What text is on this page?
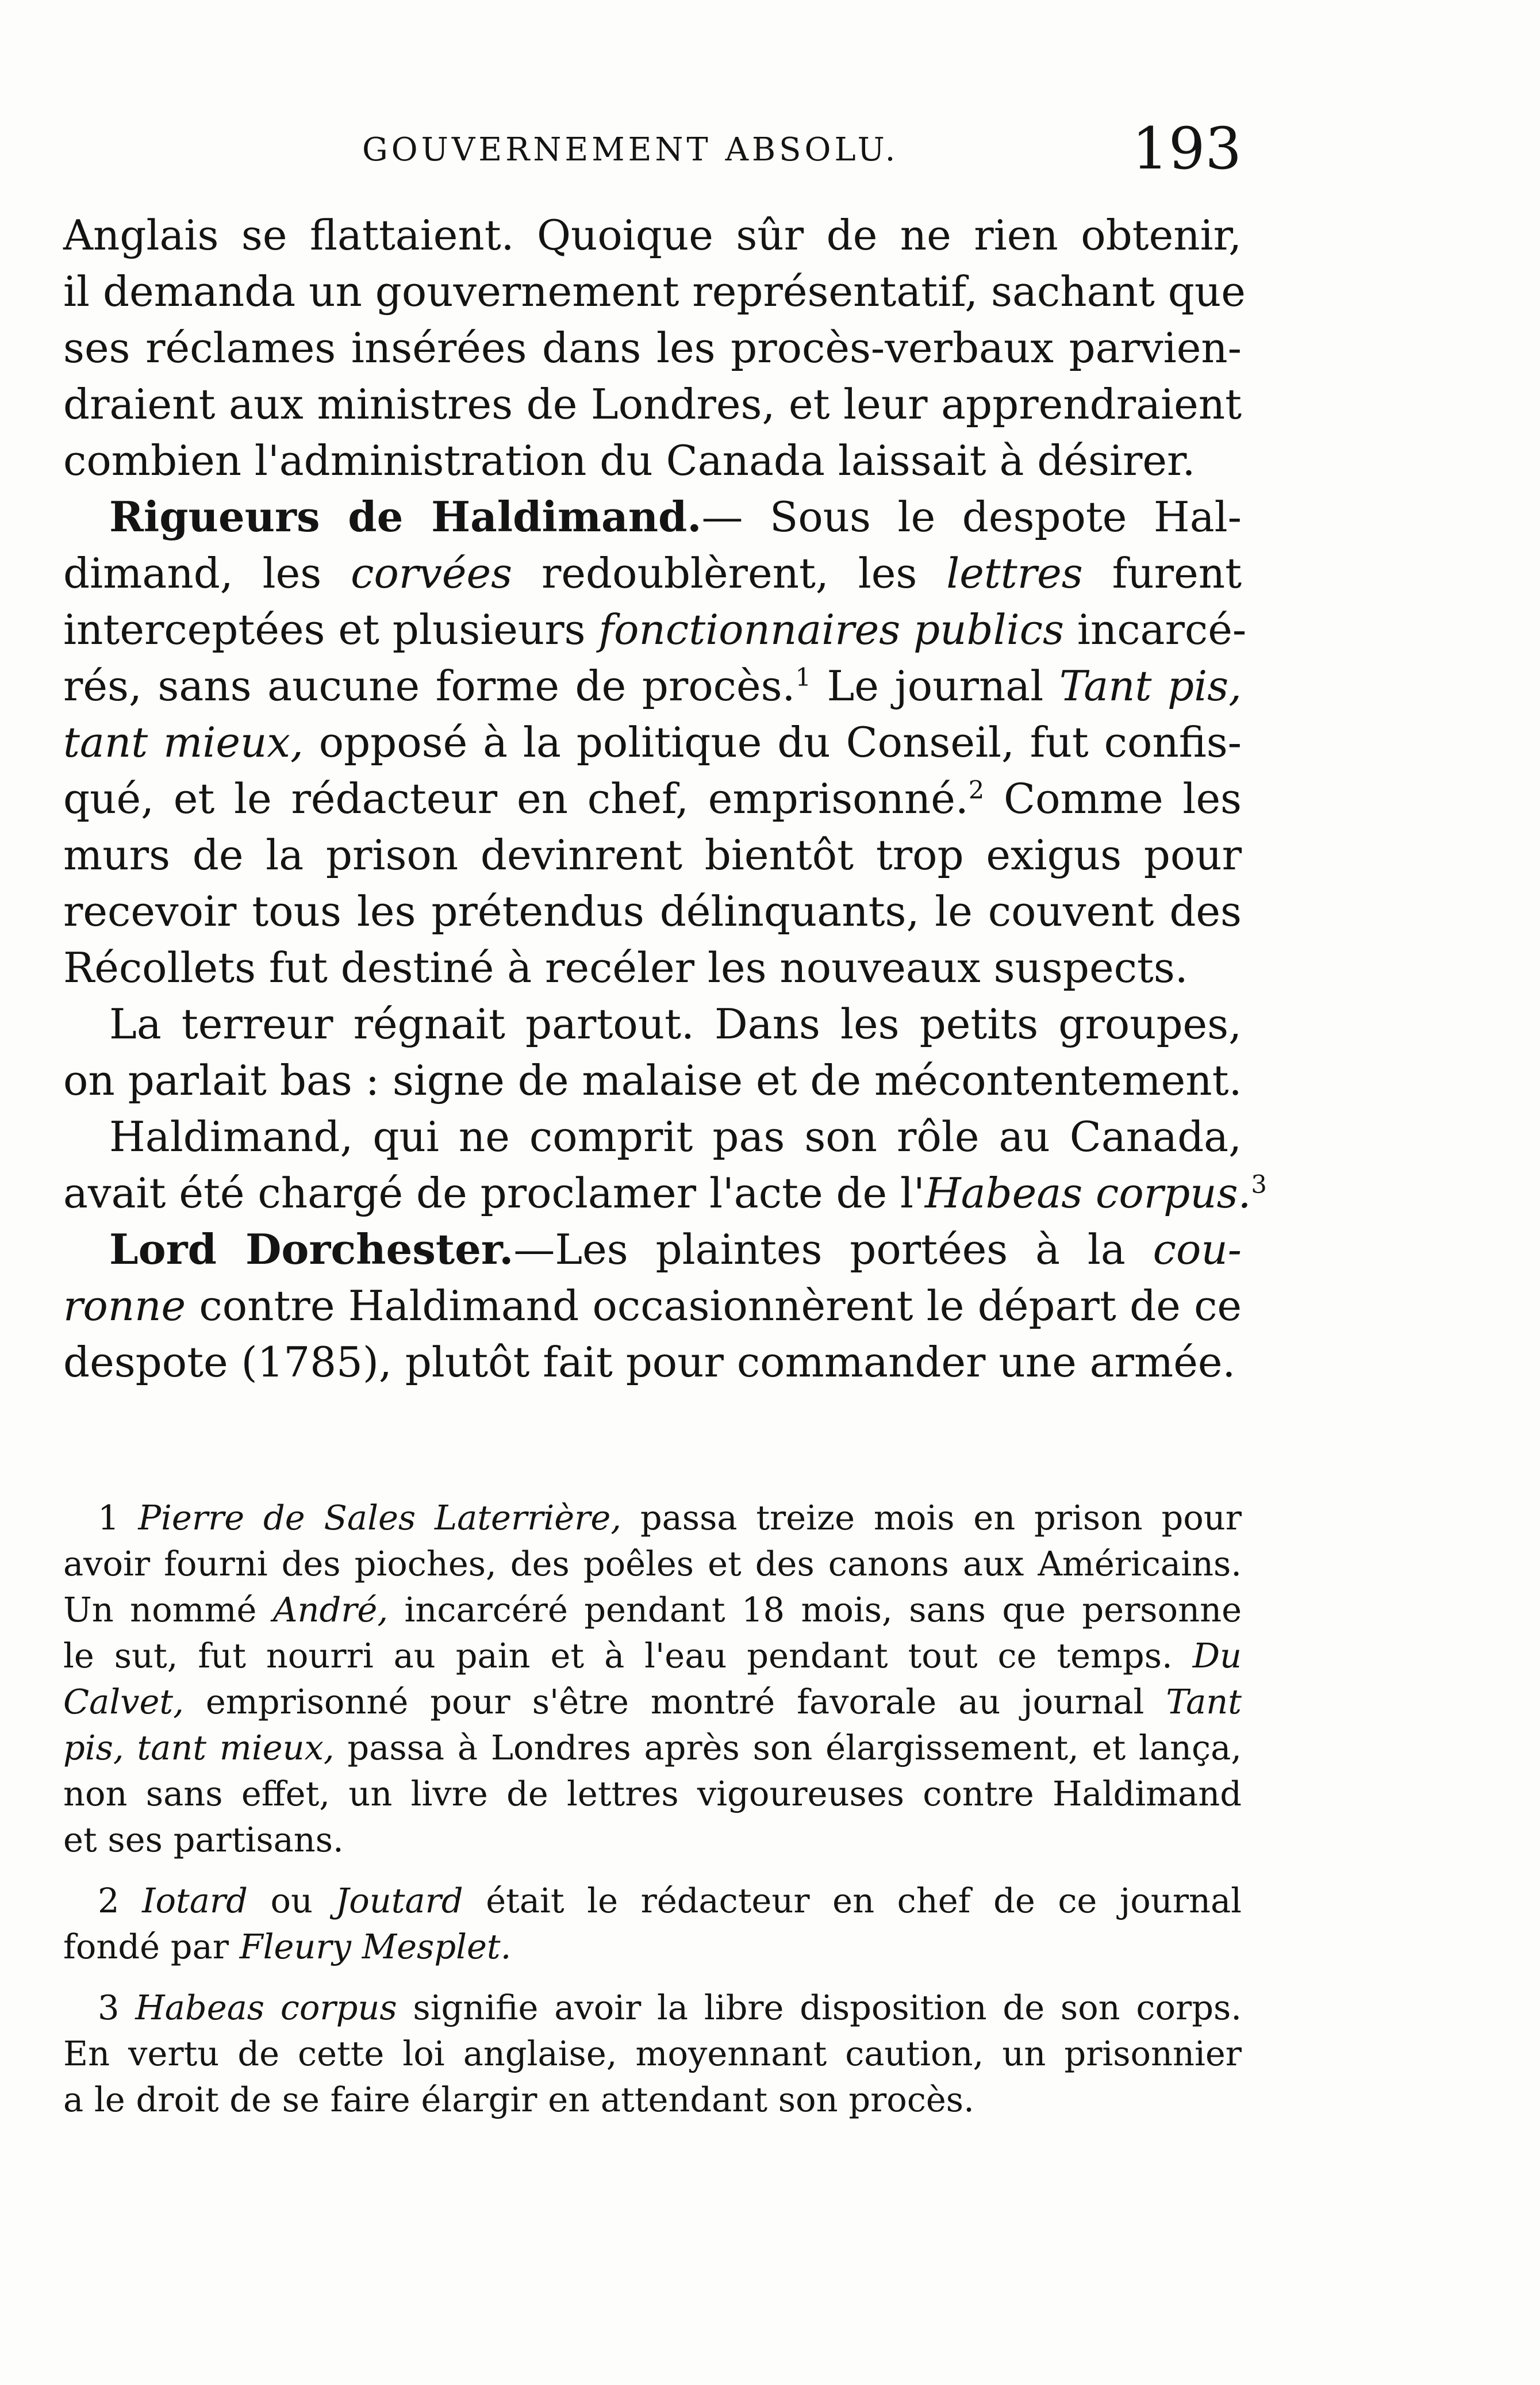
GOUVERNEMENT ABSOLU.	193
Anglais se flattaient. Quoique sûr de ne rien obtenir,
il demanda un gouvernement représentatif, sachant que
ses réclames insérées dans les procès-verbaux parvien-
draient aux ministres de Londres, et leur apprendraient
combien l'administration du Canada laissait à désirer.
Rigueurs de Haldimand.— Sous le despote Hal-
dimand, les corvées redoublèrent, les lettres furent
interceptées et plusieurs fonctionnaires publics incarcé-
rés, sans aucune forme de procès.$^1$ Le journal Tant pis,
tant mieux, opposé à la politique du Conseil, fut confis-
qué, et le rédacteur en chef, emprisonné.$^2$ Comme les
murs de la prison devinrent bientôt trop exigus pour
recevoir tous les prétendus délinquants, le couvent des
Récollets fut destiné à recéler les nouveaux suspects.
La terreur régnait partout. Dans les petits groupes,
on parlait bas : signe de malaise et de mécontentement.
Haldimand, qui ne comprit pas son rôle au Canada,
avait été chargé de proclamer l'acte de l'Habeas corpus.$^3$
Lord Dorchester.—Les plaintes portées à la cou-
ronne contre Haldimand occasionnèrent le départ de ce
despote (1785), plutôt fait pour commander une armée.
1 Pierre de Sales Laterrière, passa treize mois en prison pour
avoir fourni des pioches, des poêles et des canons aux Américains.
Un nommé André, incarcéré pendant 18 mois, sans que personne
le sut, fut nourri au pain et à l'eau pendant tout ce temps. Du
Calvet, emprisonné pour s'être montré favorale au journal Tant
pis, tant mieux, passa à Londres après son élargissement, et lança,
non sans effet, un livre de lettres vigoureuses contre Haldimand
et ses partisans.
2 Iotard ou Joutard était le rédacteur en chef de ce journal
fondé par Fleury Mesplet.
3 Habeas corpus signifie avoir la libre disposition de son corps.
En vertu de cette loi anglaise, moyennant caution, un prisonnier
a le droit de se faire élargir en attendant son procès.
